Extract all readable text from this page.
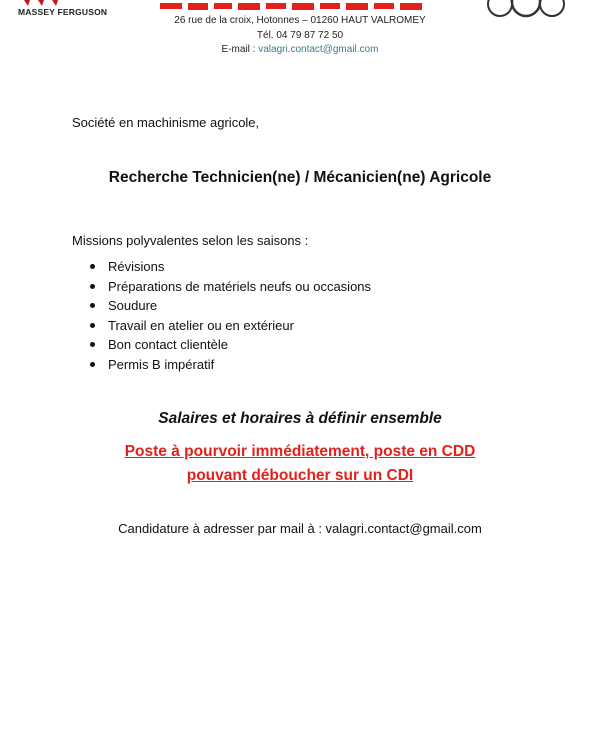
MASSEY FERGUSON
26 rue de la croix, Hotonnes – 01260 HAUT VALROMEY
Tél. 04 79 87 72 50
E-mail : valagri.contact@gmail.com
Société en machinisme agricole,
Recherche Technicien(ne) / Mécanicien(ne) Agricole
Missions polyvalentes selon les saisons :
Révisions
Préparations de matériels neufs ou occasions
Soudure
Travail en atelier ou en extérieur
Bon contact clientèle
Permis B impératif
Salaires et horaires à définir ensemble
Poste à pourvoir immédiatement, poste en CDD
pouvant déboucher sur un CDI
Candidature à adresser par mail à : valagri.contact@gmail.com
